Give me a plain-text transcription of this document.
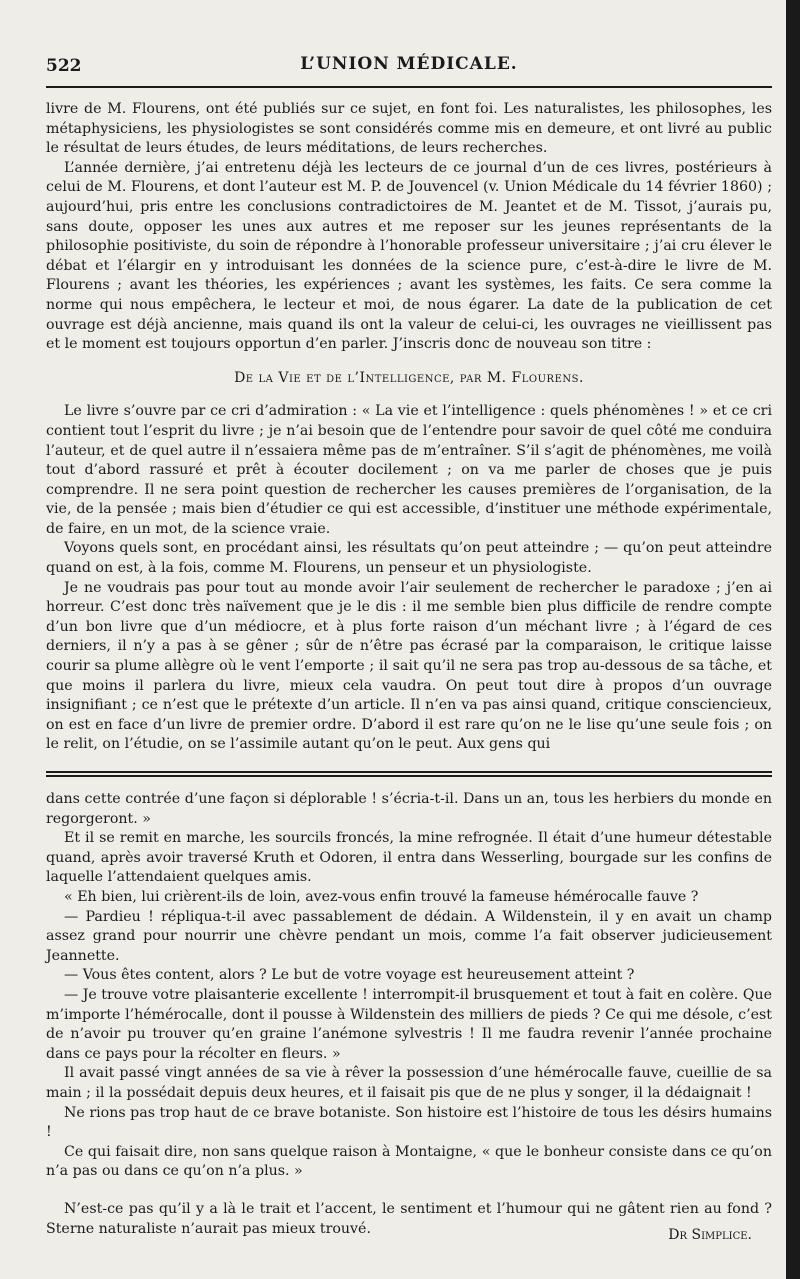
522	L’UNION MÉDICALE.

livre de M. Flourens, ont été publiés sur ce sujet, en font foi. Les naturalistes, les philosophes, les métaphysiciens, les physiologistes se sont considérés comme mis en demeure, et ont livré au public le résultat de leurs études, de leurs méditations, de leurs recherches.

L’année dernière, j’ai entretenu déjà les lecteurs de ce journal d’un de ces livres, postérieurs à celui de M. Flourens, et dont l’auteur est M. P. de Jouvencel (v. Union Médicale du 14 février 1860) ; aujourd’hui, pris entre les conclusions contradictoires de M. Jeantet et de M. Tissot, j’aurais pu, sans doute, opposer les unes aux autres et me reposer sur les jeunes représentants de la philosophie positiviste, du soin de répondre à l’honorable professeur universitaire ; j’ai cru élever le débat et l’élargir en y introduisant les données de la science pure, c’est-à-dire le livre de M. Flourens ; avant les théories, les expériences ; avant les systèmes, les faits. Ce sera comme la norme qui nous empêchera, le lecteur et moi, de nous égarer. La date de la publication de cet ouvrage est déjà ancienne, mais quand ils ont la valeur de celui-ci, les ouvrages ne vieillissent pas et le moment est toujours opportun d’en parler. J’inscris donc de nouveau son titre :

De la Vie et de l’Intelligence, par M. Flourens.

Le livre s’ouvre par ce cri d’admiration : « La vie et l’intelligence : quels phénomènes ! » et ce cri contient tout l’esprit du livre ; je n’ai besoin que de l’entendre pour savoir de quel côté me conduira l’auteur, et de quel autre il n’essaiera même pas de m’entraîner. S’il s’agit de phénomènes, me voilà tout d’abord rassuré et prêt à écouter docilement ; on va me parler de choses que je puis comprendre. Il ne sera point question de rechercher les causes premières de l’organisation, de la vie, de la pensée ; mais bien d’étudier ce qui est accessible, d’instituer une méthode expérimentale, de faire, en un mot, de la science vraie.

Voyons quels sont, en procédant ainsi, les résultats qu’on peut atteindre ; — qu’on peut atteindre quand on est, à la fois, comme M. Flourens, un penseur et un physiologiste.

Je ne voudrais pas pour tout au monde avoir l’air seulement de rechercher le paradoxe ; j’en ai horreur. C’est donc très naïvement que je le dis : il me semble bien plus difficile de rendre compte d’un bon livre que d’un médiocre, et à plus forte raison d’un méchant livre ; à l’égard de ces derniers, il n’y a pas à se gêner ; sûr de n’être pas écrasé par la comparaison, le critique laisse courir sa plume allègre où le vent l’emporte ; il sait qu’il ne sera pas trop au-dessous de sa tâche, et que moins il parlera du livre, mieux cela vaudra. On peut tout dire à propos d’un ouvrage insignifiant ; ce n’est que le prétexte d’un article. Il n’en va pas ainsi quand, critique consciencieux, on est en face d’un livre de premier ordre. D’abord il est rare qu’on ne le lise qu’une seule fois ; on le relit, on l’étudie, on se l’assimile autant qu’on le peut. Aux gens qui

dans cette contrée d’une façon si déplorable ! s’écria-t-il. Dans un an, tous les herbiers du monde en regorgeront. »

Et il se remit en marche, les sourcils froncés, la mine refrognée. Il était d’une humeur détestable quand, après avoir traversé Kruth et Odoren, il entra dans Wesserling, bourgade sur les confins de laquelle l’attendaient quelques amis.

« Eh bien, lui crièrent-ils de loin, avez-vous enfin trouvé la fameuse hémérocalle fauve ?

— Pardieu ! répliqua-t-il avec passablement de dédain. A Wildenstein, il y en avait un champ assez grand pour nourrir une chèvre pendant un mois, comme l’a fait observer judicieusement Jeannette.

— Vous êtes content, alors ? Le but de votre voyage est heureusement atteint ?

— Je trouve votre plaisanterie excellente ! interrompit-il brusquement et tout à fait en colère. Que m’importe l’hémérocalle, dont il pousse à Wildenstein des milliers de pieds ? Ce qui me désole, c’est de n’avoir pu trouver qu’en graine l’anémone sylvestris ! Il me faudra revenir l’année prochaine dans ce pays pour la récolter en fleurs. »

Il avait passé vingt années de sa vie à rêver la possession d’une hémérocalle fauve, cueillie de sa main ; il la possédait depuis deux heures, et il faisait pis que de ne plus y songer, il la dédaignait !

Ne rions pas trop haut de ce brave botaniste. Son histoire est l’histoire de tous les désirs humains !

Ce qui faisait dire, non sans quelque raison à Montaigne, « que le bonheur consiste dans ce qu’on n’a pas ou dans ce qu’on n’a plus. »

N’est-ce pas qu’il y a là le trait et l’accent, le sentiment et l’humour qui ne gâtent rien au fond ? Sterne naturaliste n’aurait pas mieux trouvé.	Dr Simplice.
